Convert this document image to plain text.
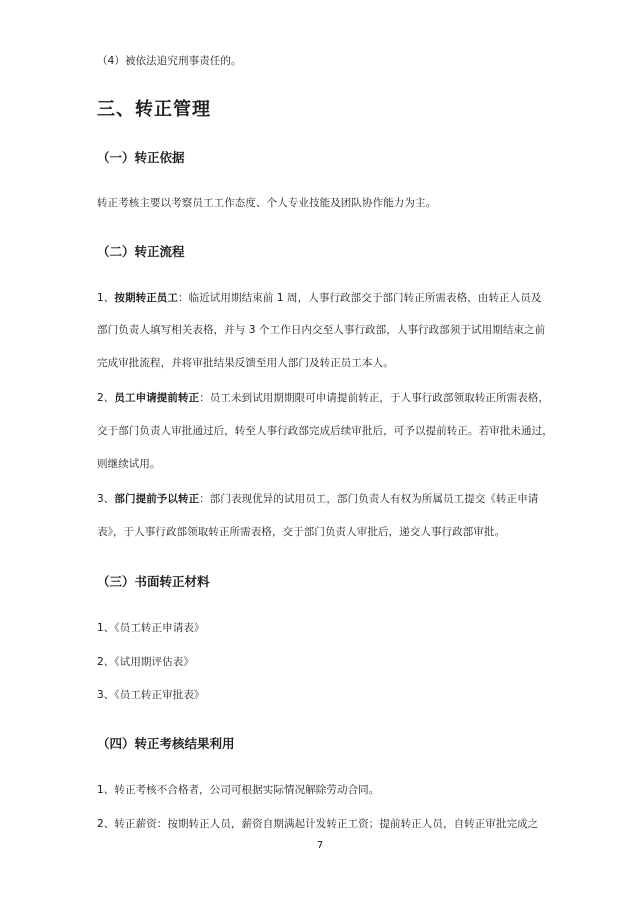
（4）被依法追究刑事责任的。
三、转正管理
（一）转正依据
转正考核主要以考察员工工作态度、个人专业技能及团队协作能力为主。
（二）转正流程
1、按期转正员工：临近试用期结束前 1 周，人事行政部交于部门转正所需表格，由转正人员及
部门负责人填写相关表格，并与 3 个工作日内交至人事行政部，人事行政部须于试用期结束之前
完成审批流程，并将审批结果反馈至用人部门及转正员工本人。
2、员工申请提前转正：员工未到试用期期限可申请提前转正，于人事行政部领取转正所需表格，
交于部门负责人审批通过后，转至人事行政部完成后续审批后，可予以提前转正。若审批未通过，
则继续试用。
3、部门提前予以转正：部门表现优异的试用员工，部门负责人有权为所属员工提交《转正申请
表》，于人事行政部领取转正所需表格，交于部门负责人审批后，递交人事行政部审批。
（三）书面转正材料
1、《员工转正申请表》
2、《试用期评估表》
3、《员工转正审批表》
（四）转正考核结果利用
1、转正考核不合格者，公司可根据实际情况解除劳动合同。
2、转正薪资：按期转正人员，薪资自期满起计发转正工资；提前转正人员，自转正审批完成之
7
